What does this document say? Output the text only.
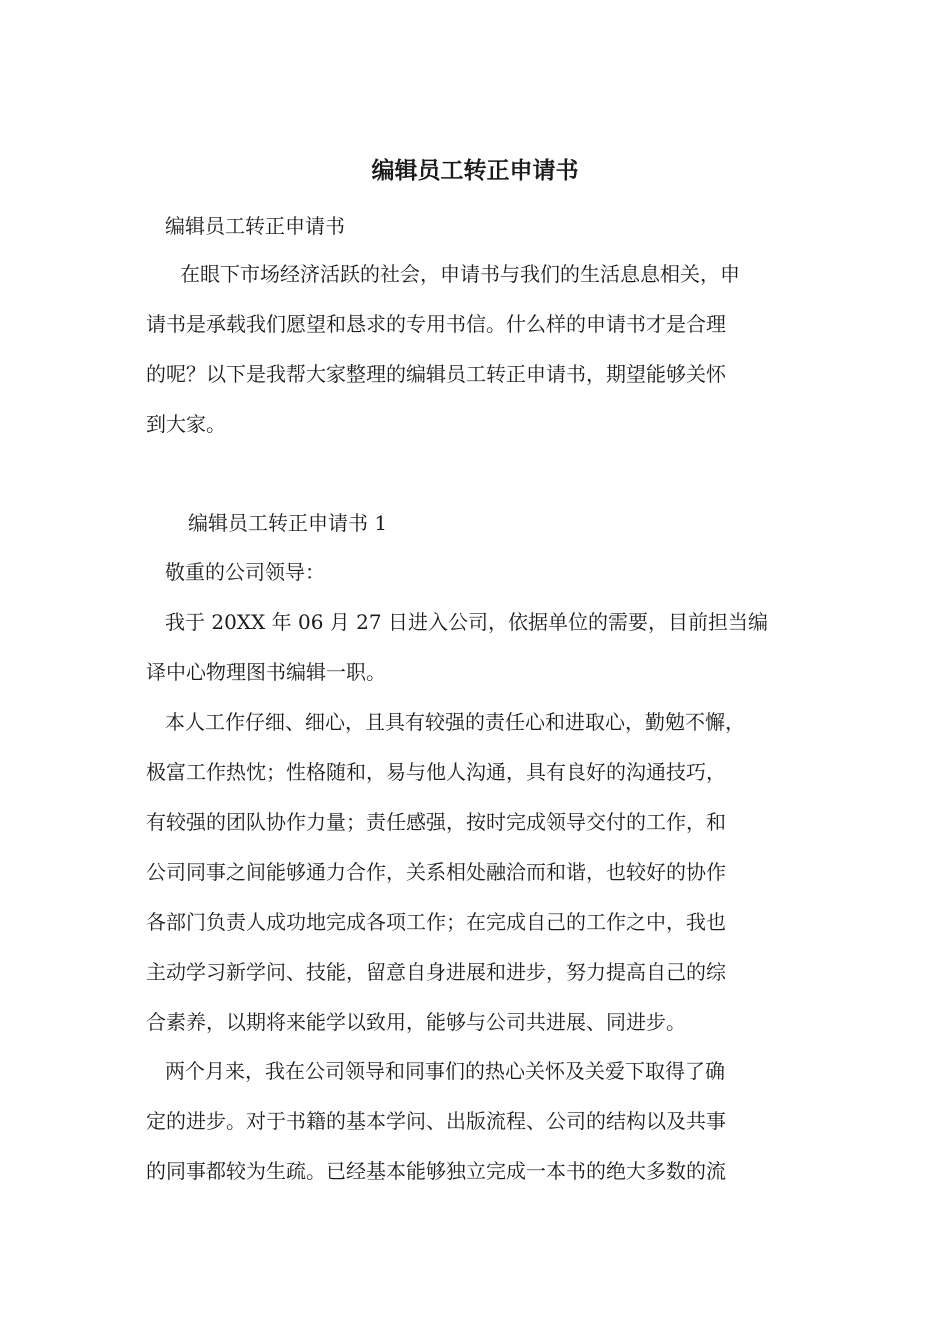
编辑员工转正申请书
编辑员工转正申请书
在眼下市场经济活跃的社会，申请书与我们的生活息息相关，申
请书是承载我们愿望和恳求的专用书信。什么样的申请书才是合理
的呢？以下是我帮大家整理的编辑员工转正申请书，期望能够关怀
到大家。
编辑员工转正申请书 1
敬重的公司领导：
我于 20XX 年 06 月 27 日进入公司，依据单位的需要，目前担当编
译中心物理图书编辑一职。
本人工作仔细、细心，且具有较强的责任心和进取心，勤勉不懈，
极富工作热忱；性格随和，易与他人沟通，具有良好的沟通技巧，
有较强的团队协作力量；责任感强，按时完成领导交付的工作，和
公司同事之间能够通力合作，关系相处融洽而和谐，也较好的协作
各部门负责人成功地完成各项工作；在完成自己的工作之中，我也
主动学习新学问、技能，留意自身进展和进步，努力提高自己的综
合素养，以期将来能学以致用，能够与公司共进展、同进步。
两个月来，我在公司领导和同事们的热心关怀及关爱下取得了确
定的进步。对于书籍的基本学问、出版流程、公司的结构以及共事
的同事都较为生疏。已经基本能够独立完成一本书的绝大多数的流
